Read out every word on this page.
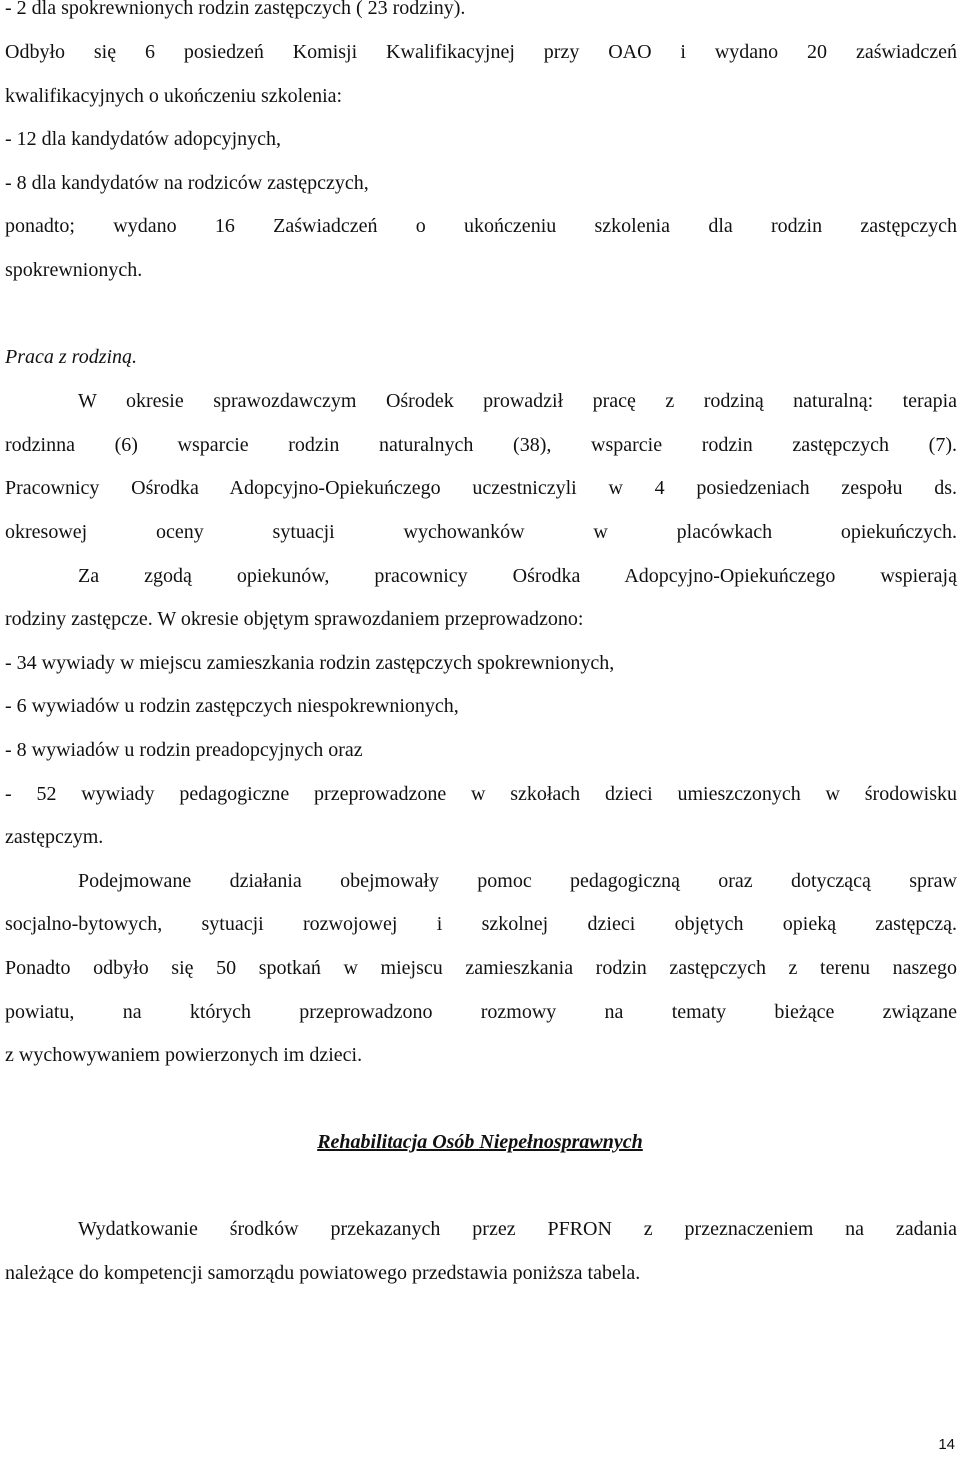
- 2 dla spokrewnionych rodzin zastępczych ( 23 rodziny).
Odbyło się 6 posiedzeń Komisji Kwalifikacyjnej przy OAO i wydano 20 zaświadczeń
kwalifikacyjnych o ukończeniu szkolenia:
- 12 dla kandydatów adopcyjnych,
- 8 dla kandydatów na rodziców zastępczych,
ponadto; wydano 16 Zaświadczeń o ukończeniu szkolenia dla rodzin zastępczych
spokrewnionych.
Praca z rodziną.
W okresie sprawozdawczym Ośrodek prowadził pracę z rodziną naturalną: terapia
rodzinna (6) wsparcie rodzin naturalnych (38), wsparcie rodzin zastępczych (7).
Pracownicy Ośrodka Adopcyjno-Opiekuńczego uczestniczyli w 4 posiedzeniach zespołu ds.
okresowej oceny sytuacji wychowanków w placówkach opiekuńczych.
Za zgodą opiekunów, pracownicy Ośrodka Adopcyjno-Opiekuńczego wspierają
rodziny zastępcze. W okresie objętym sprawozdaniem przeprowadzono:
- 34 wywiady w miejscu zamieszkania rodzin zastępczych spokrewnionych,
- 6 wywiadów u rodzin zastępczych niespokrewnionych,
- 8 wywiadów u rodzin preadopcyjnych oraz
- 52 wywiady pedagogiczne przeprowadzone w szkołach dzieci umieszczonych w środowisku
zastępczym.
Podejmowane działania obejmowały pomoc pedagogiczną oraz dotyczącą spraw
socjalno-bytowych, sytuacji rozwojowej i szkolnej dzieci objętych opieką zastępczą.
Ponadto odbyło się 50 spotkań w miejscu zamieszkania rodzin zastępczych z terenu naszego
powiatu, na których przeprowadzono rozmowy na tematy bieżące związane
z wychowywaniem powierzonych im dzieci.
Rehabilitacja Osób Niepełnosprawnych
Wydatkowanie środków przekazanych przez PFRON z przeznaczeniem na zadania
należące do kompetencji samorządu powiatowego przedstawia poniższa tabela.
14
